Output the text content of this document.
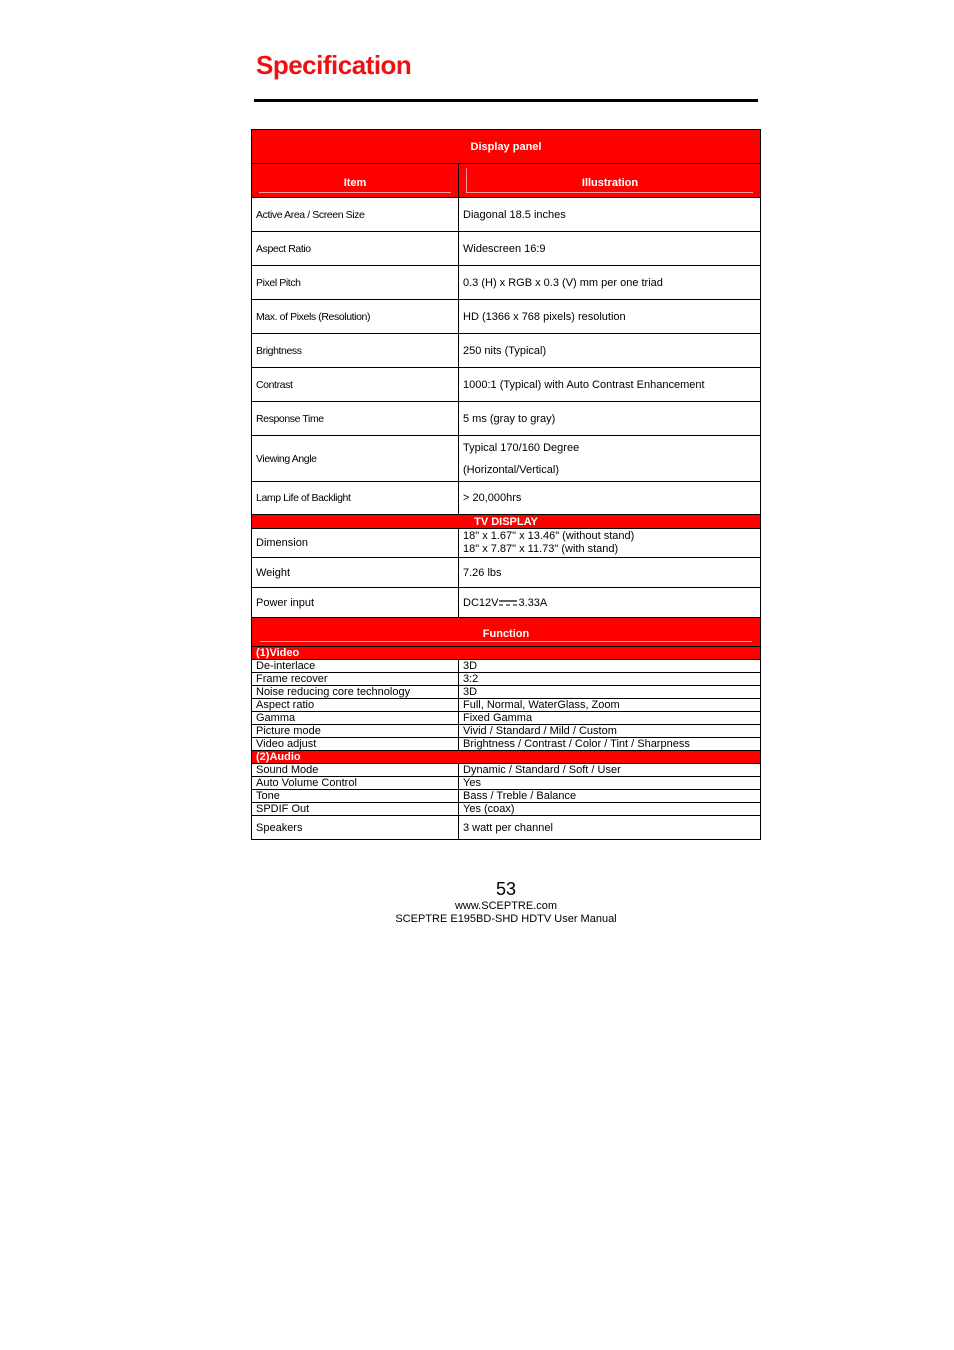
Specification
Display panel	

Item	Illustration

Active Area / Screen Size	Diagonal 18.5 inches
Aspect Ratio	Widescreen 16:9
Pixel Pitch	0.3 (H) x RGB x 0.3 (V) mm per one triad
Max. of Pixels (Resolution)	HD (1366 x 768 pixels) resolution
Brightness	250 nits (Typical)
Contrast	1000:1 (Typical) with Auto Contrast Enhancement
Response Time	5 ms (gray to gray)
Viewing Angle	Typical 170/160 Degree
(Horizontal/Vertical)

Lamp Life of Backlight	> 20,000hrs
TV DISPLAY	
Dimension	18" x 1.67" x 13.46" (without stand)
18" x 7.87" x 11.73" (with stand)

Weight	7.26 lbs
Power input	DC12V 3.33A

Function	

(1)Video	
De-interlace	3D
Frame recover	3:2
Noise reducing core technology	3D
Aspect ratio	Full, Normal, WaterGlass, Zoom
Gamma	Fixed Gamma
Picture mode	Vivid / Standard / Mild / Custom
Video adjust	Brightness / Contrast / Color / Tint / Sharpness
(2)Audio	
Sound Mode	Dynamic / Standard / Soft / User
Auto Volume Control	Yes
Tone	Bass / Treble / Balance
SPDIF Out	Yes (coax)
Speakers	3 watt per channel
53
www.SCEPTRE.com
SCEPTRE E195BD-SHD HDTV User Manual
